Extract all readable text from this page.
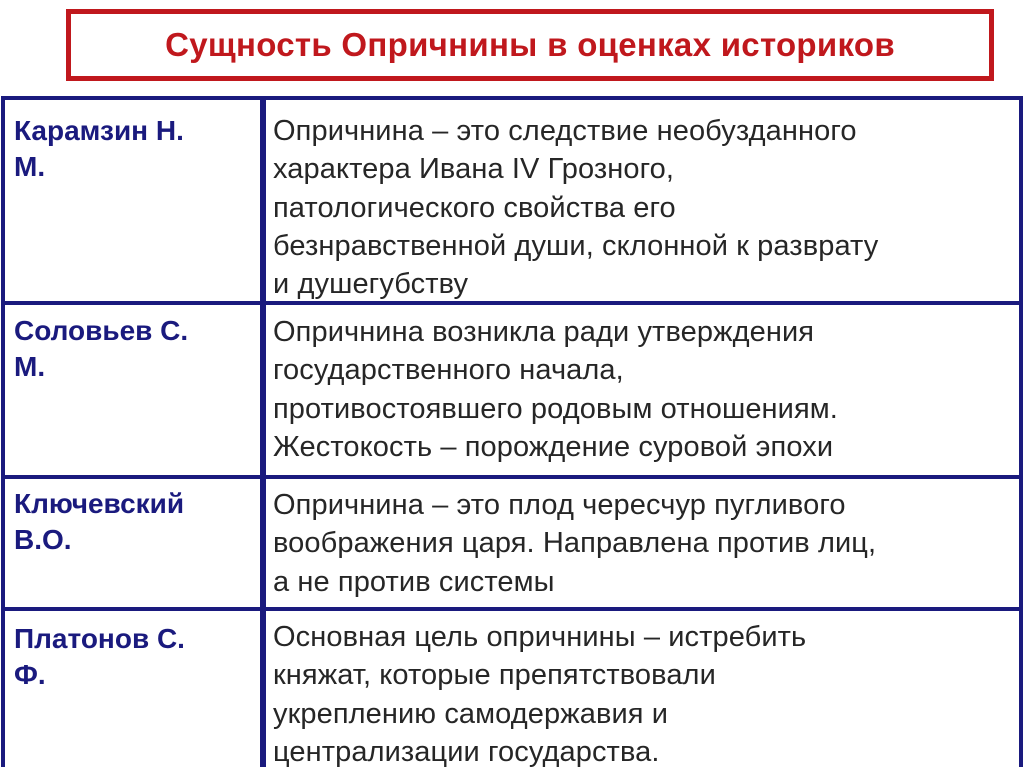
Сущность Опричнины в оценках историков
Карамзин Н.
М.
Опричнина – это следствие необузданного
характера Ивана IV Грозного,
патологического свойства его
безнравственной души, склонной к разврату
и душегубству
Соловьев С.
М.
Опричнина возникла ради утверждения
государственного начала,
противостоявшего родовым отношениям.
Жестокость – порождение суровой эпохи
Ключевский
В.О.
Опричнина – это плод чересчур пугливого
воображения царя. Направлена против лиц,
а не против системы
Платонов С.
Ф.
Основная цель опричнины – истребить
княжат, которые препятствовали
укреплению самодержавия и
централизации государства.
